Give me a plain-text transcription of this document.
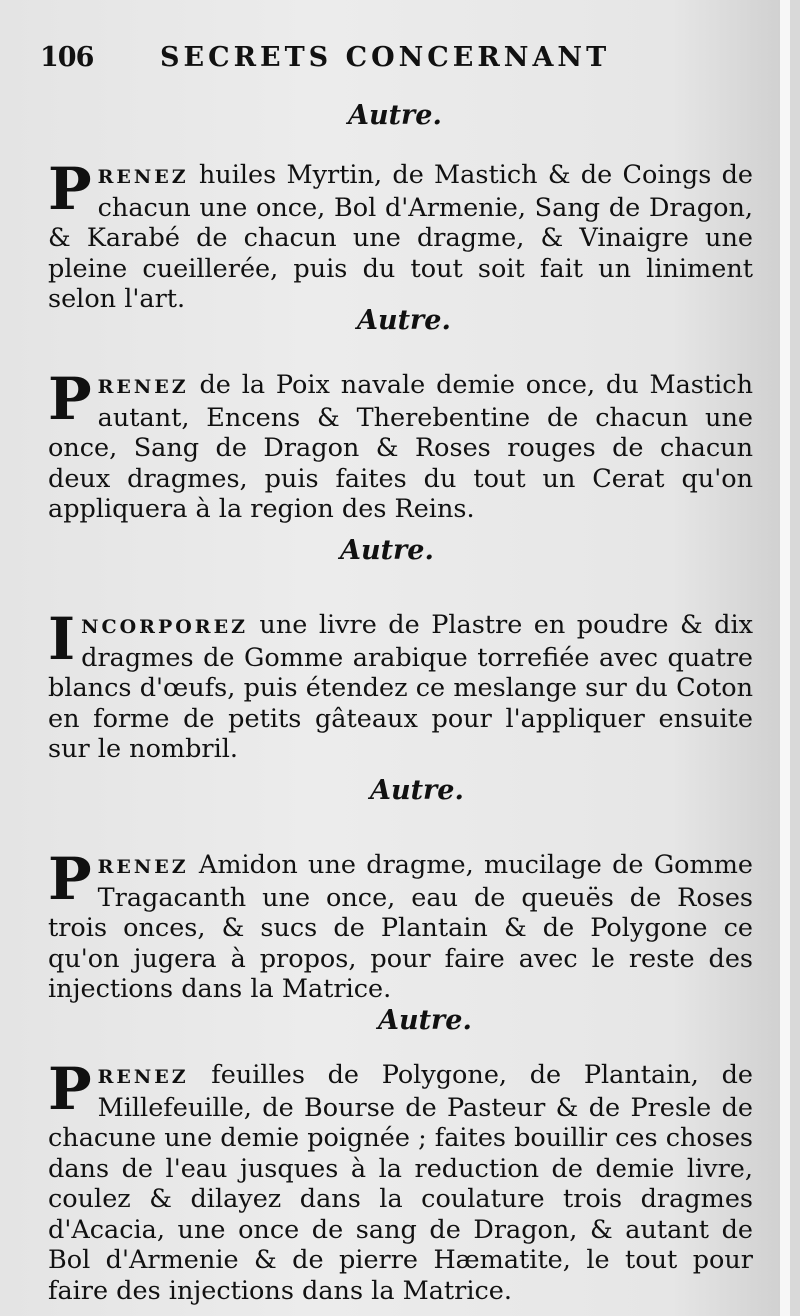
106 SECRETS CONCERNANT
Autre.
PRENEZ huiles Myrtin, de Mastich & de Coings de chacun une once, Bol d'Armenie, Sang de Dragon, & Karabé de chacun une dragme, & Vinaigre une pleine cueillerée, puis du tout soit fait un liniment selon l'art.
Autre.
PRENEZ de la Poix navale demie once, du Mastich autant, Encens & Therebentine de chacun une once, Sang de Dragon & Roses rouges de chacun deux dragmes, puis faites du tout un Cerat qu'on appliquera à la region des Reins.
Autre.
INCORPOREZ une livre de Plastre en poudre & dix dragmes de Gomme arabique torrefiée avec quatre blancs d'œufs, puis étendez ce meslange sur du Coton en forme de petits gâteaux pour l'appliquer ensuite sur le nombril.
Autre.
PRENEZ Amidon une dragme, mucilage de Gomme Tragacanth une once, eau de queuës de Roses trois onces, & sucs de Plantain & de Polygone ce qu'on jugera à propos, pour faire avec le reste des injections dans la Matrice.
Autre.
PRENEZ feuilles de Polygone, de Plantain, de Millefeuille, de Bourse de Pasteur & de Presle de chacune une demie poignée ; faites bouillir ces choses dans de l'eau jusques à la reduction de demie livre, coulez & dilayez dans la coulature trois dragmes d'Acacia, une once de sang de Dragon, & autant de Bol d'Armenie & de pierre Hæmatite, le tout pour faire des injections dans la Matrice.
